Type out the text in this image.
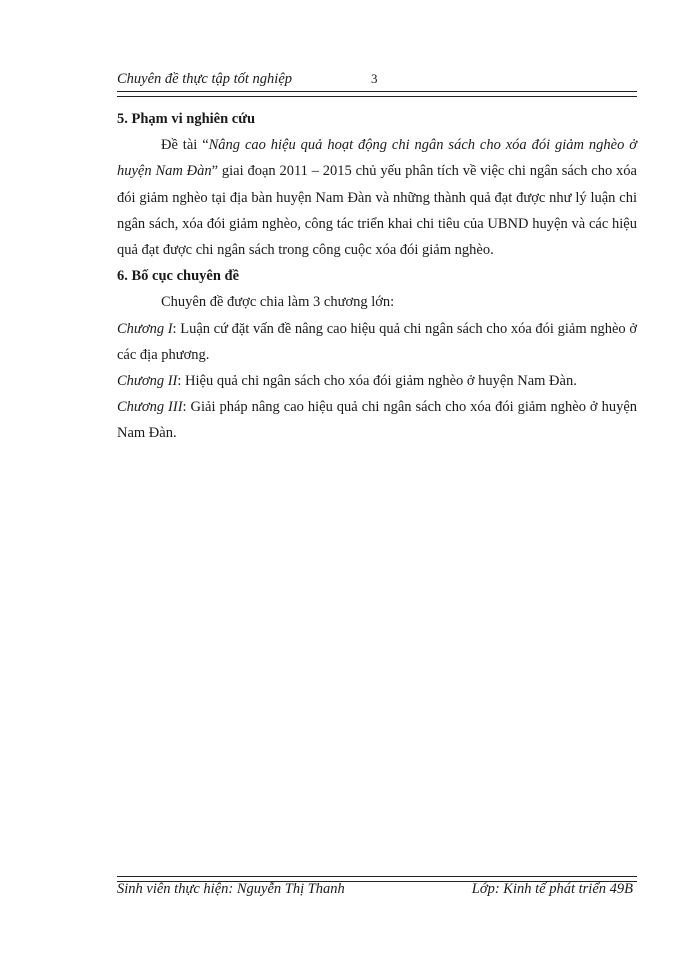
Chuyên đề thực tập tốt nghiệp	3

5. Phạm vi nghiên cứu

Đề tài “Nâng cao hiệu quả hoạt động chi ngân sách cho xóa đói giảm nghèo ở huyện Nam Đàn” giai đoạn 2011 – 2015 chủ yếu phân tích về việc chi ngân sách cho xóa đói giảm nghèo tại địa bàn huyện Nam Đàn và những thành quả đạt được như lý luận chi ngân sách, xóa đói giảm nghèo, công tác triển khai chi tiêu của UBND huyện và các hiệu quả đạt được chi ngân sách trong công cuộc xóa đói giảm nghèo.

6. Bố cục chuyên đề

Chuyên đề được chia làm 3 chương lớn:

Chương I: Luận cứ đặt vấn đề nâng cao hiệu quả chi ngân sách cho xóa đói giảm nghèo ở các địa phương.

Chương II: Hiệu quả chi ngân sách cho xóa đói giảm nghèo ở huyện Nam Đàn.

Chương III: Giải pháp nâng cao hiệu quả chi ngân sách cho xóa đói giảm nghèo ở huyện Nam Đàn.

Sinh viên thực hiện: Nguyễn Thị Thanh	Lớp: Kinh tế phát triển 49B
